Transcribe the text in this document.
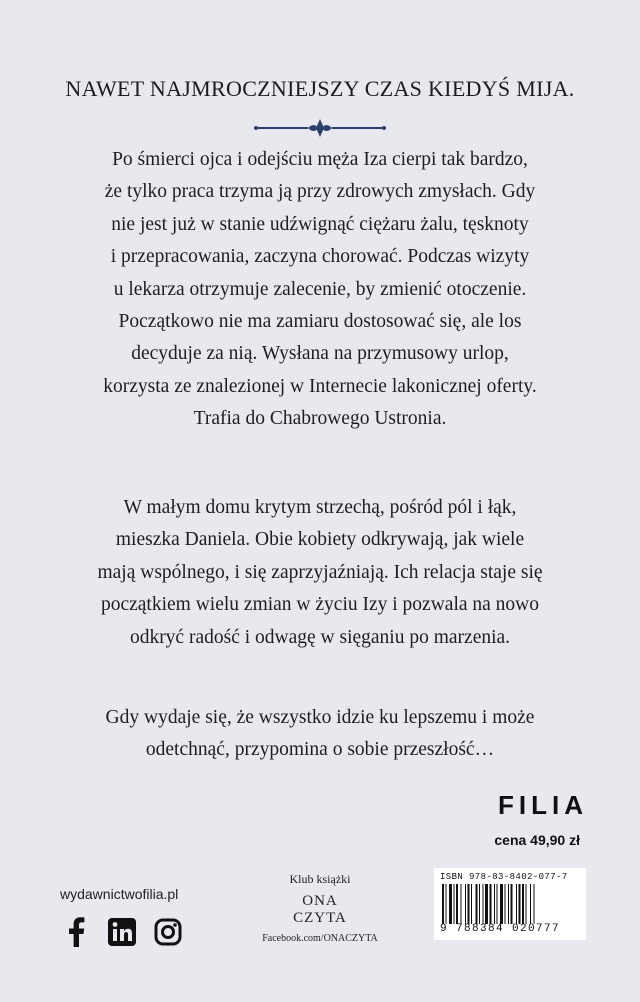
NAWET NAJMROCZNIEJSZY CZAS KIEDYŚ MIJA.
Po śmierci ojca i odejściu męża Iza cierpi tak bardzo,
że tylko praca trzyma ją przy zdrowych zmysłach. Gdy
nie jest już w stanie udźwignąć ciężaru żalu, tęsknoty
i przepracowania, zaczyna chorować. Podczas wizyty
u lekarza otrzymuje zalecenie, by zmienić otoczenie.
Początkowo nie ma zamiaru dostosować się, ale los
decyduje za nią. Wysłana na przymusowy urlop,
korzysta ze znalezionej w Internecie lakonicznej oferty.
Trafia do Chabrowego Ustronia.
W małym domu krytym strzechą, pośród pól i łąk,
mieszka Daniela. Obie kobiety odkrywają, jak wiele
mają wspólnego, i się zaprzyjaźniają. Ich relacja staje się
początkiem wielu zmian w życiu Izy i pozwala na nowo
odkryć radość i odwagę w sięganiu po marzenia.
Gdy wydaje się, że wszystko idzie ku lepszemu i może
odetchnąć, przypomina o sobie przeszłość…
FILIA
cena 49,90 zł
wydawnictwofilia.pl
Klub książki
ONA
CZYTA
Facebook.com/ONACZYTA
ISBN 978-83-8402-077-7
9 788384 020777
